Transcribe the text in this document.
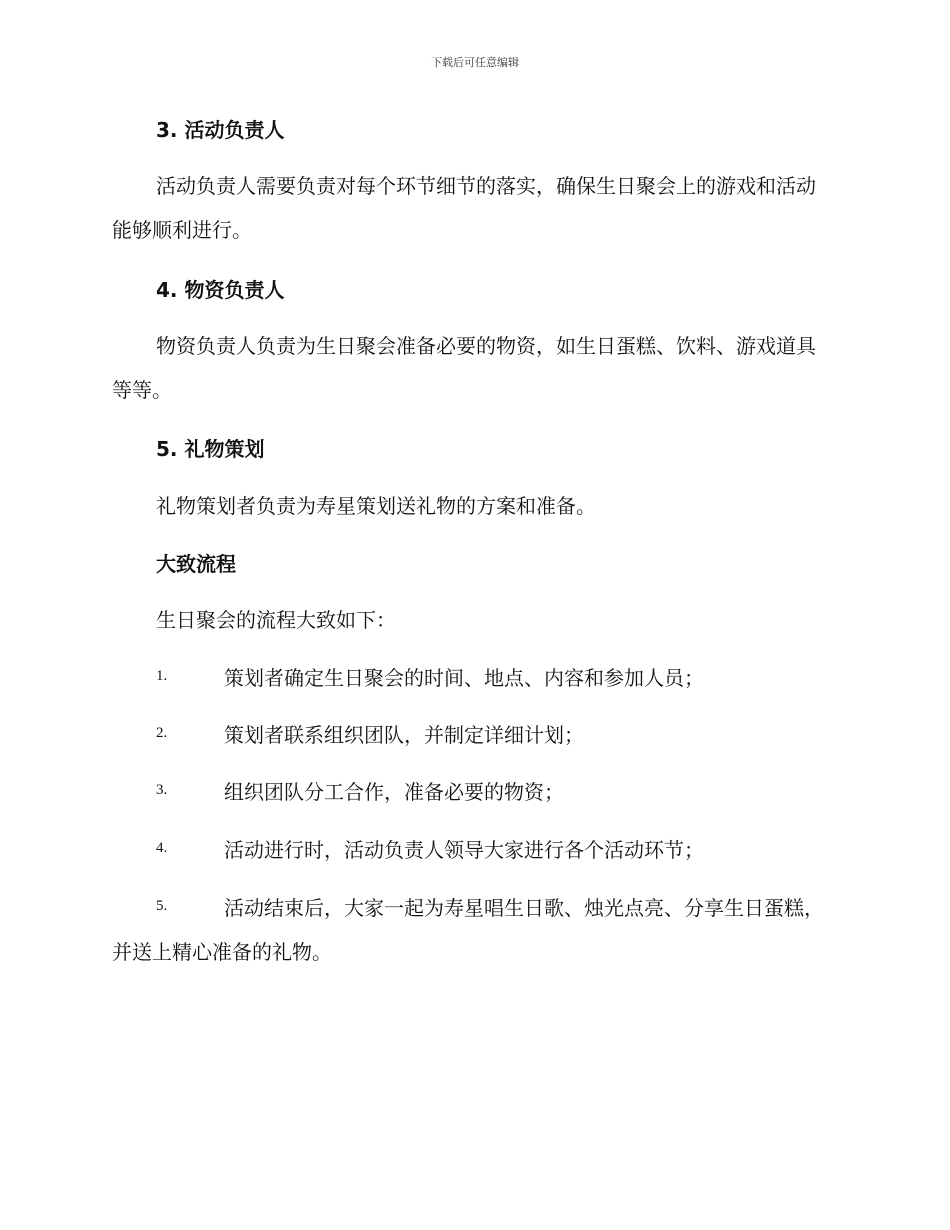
下载后可任意编辑
3. 活动负责人

活动负责人需要负责对每个环节细节的落实，确保生日聚会上的游戏和活动能够顺利进行。

4. 物资负责人

物资负责人负责为生日聚会准备必要的物资，如生日蛋糕、饮料、游戏道具等等。

5. 礼物策划

礼物策划者负责为寿星策划送礼物的方案和准备。

大致流程
生日聚会的流程大致如下：
1.	策划者确定生日聚会的时间、地点、内容和参加人员；

2.	策划者联系组织团队，并制定详细计划；

3.	组织团队分工合作，准备必要的物资；

4.	活动进行时，活动负责人领导大家进行各个活动环节；

5.	活动结束后，大家一起为寿星唱生日歌、烛光点亮、分享生日蛋糕，并送上精心准备的礼物。
